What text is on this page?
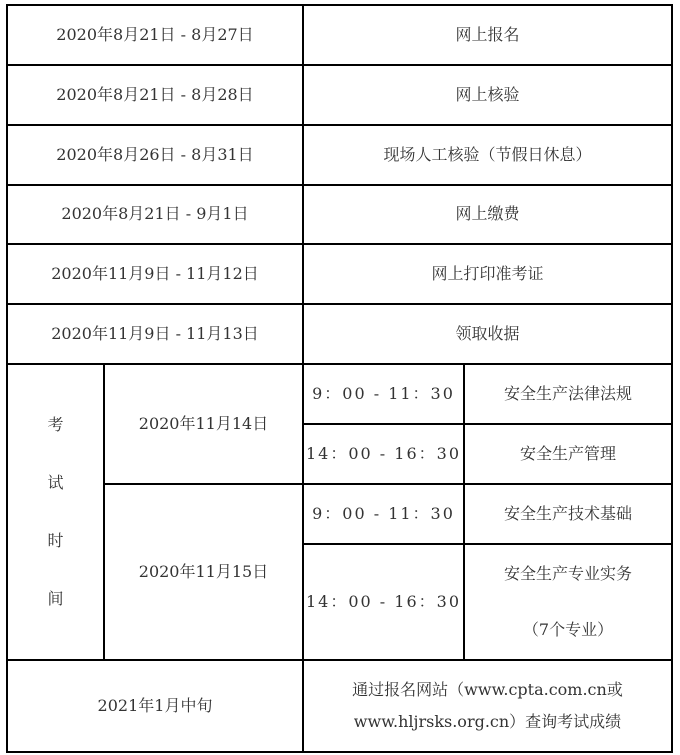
2020年8月21日 - 8月27日		网上报名	
2020年8月21日 - 8月28日		网上核验	
2020年8月26日 - 8月31日		现场人工核验（节假日休息）	
2020年8月21日 - 9月1日		网上缴费	
2020年11月9日 - 11月12日		网上打印准考证	
2020年11月9日 - 11月13日		领取收据	

考
试
时
间	2020年11月14日	9：00 - 11：30	安全生产法律法规
		14：00 - 16：30	安全生产管理
	2020年11月15日	9：00 - 11：30	安全生产技术基础
		14：00 - 16：30	安全生产专业实务
（7个专业）

2021年1月中旬		通过报名网站（www.cpta.com.cn或
www.hljrsks.org.cn）查询考试成绩	
